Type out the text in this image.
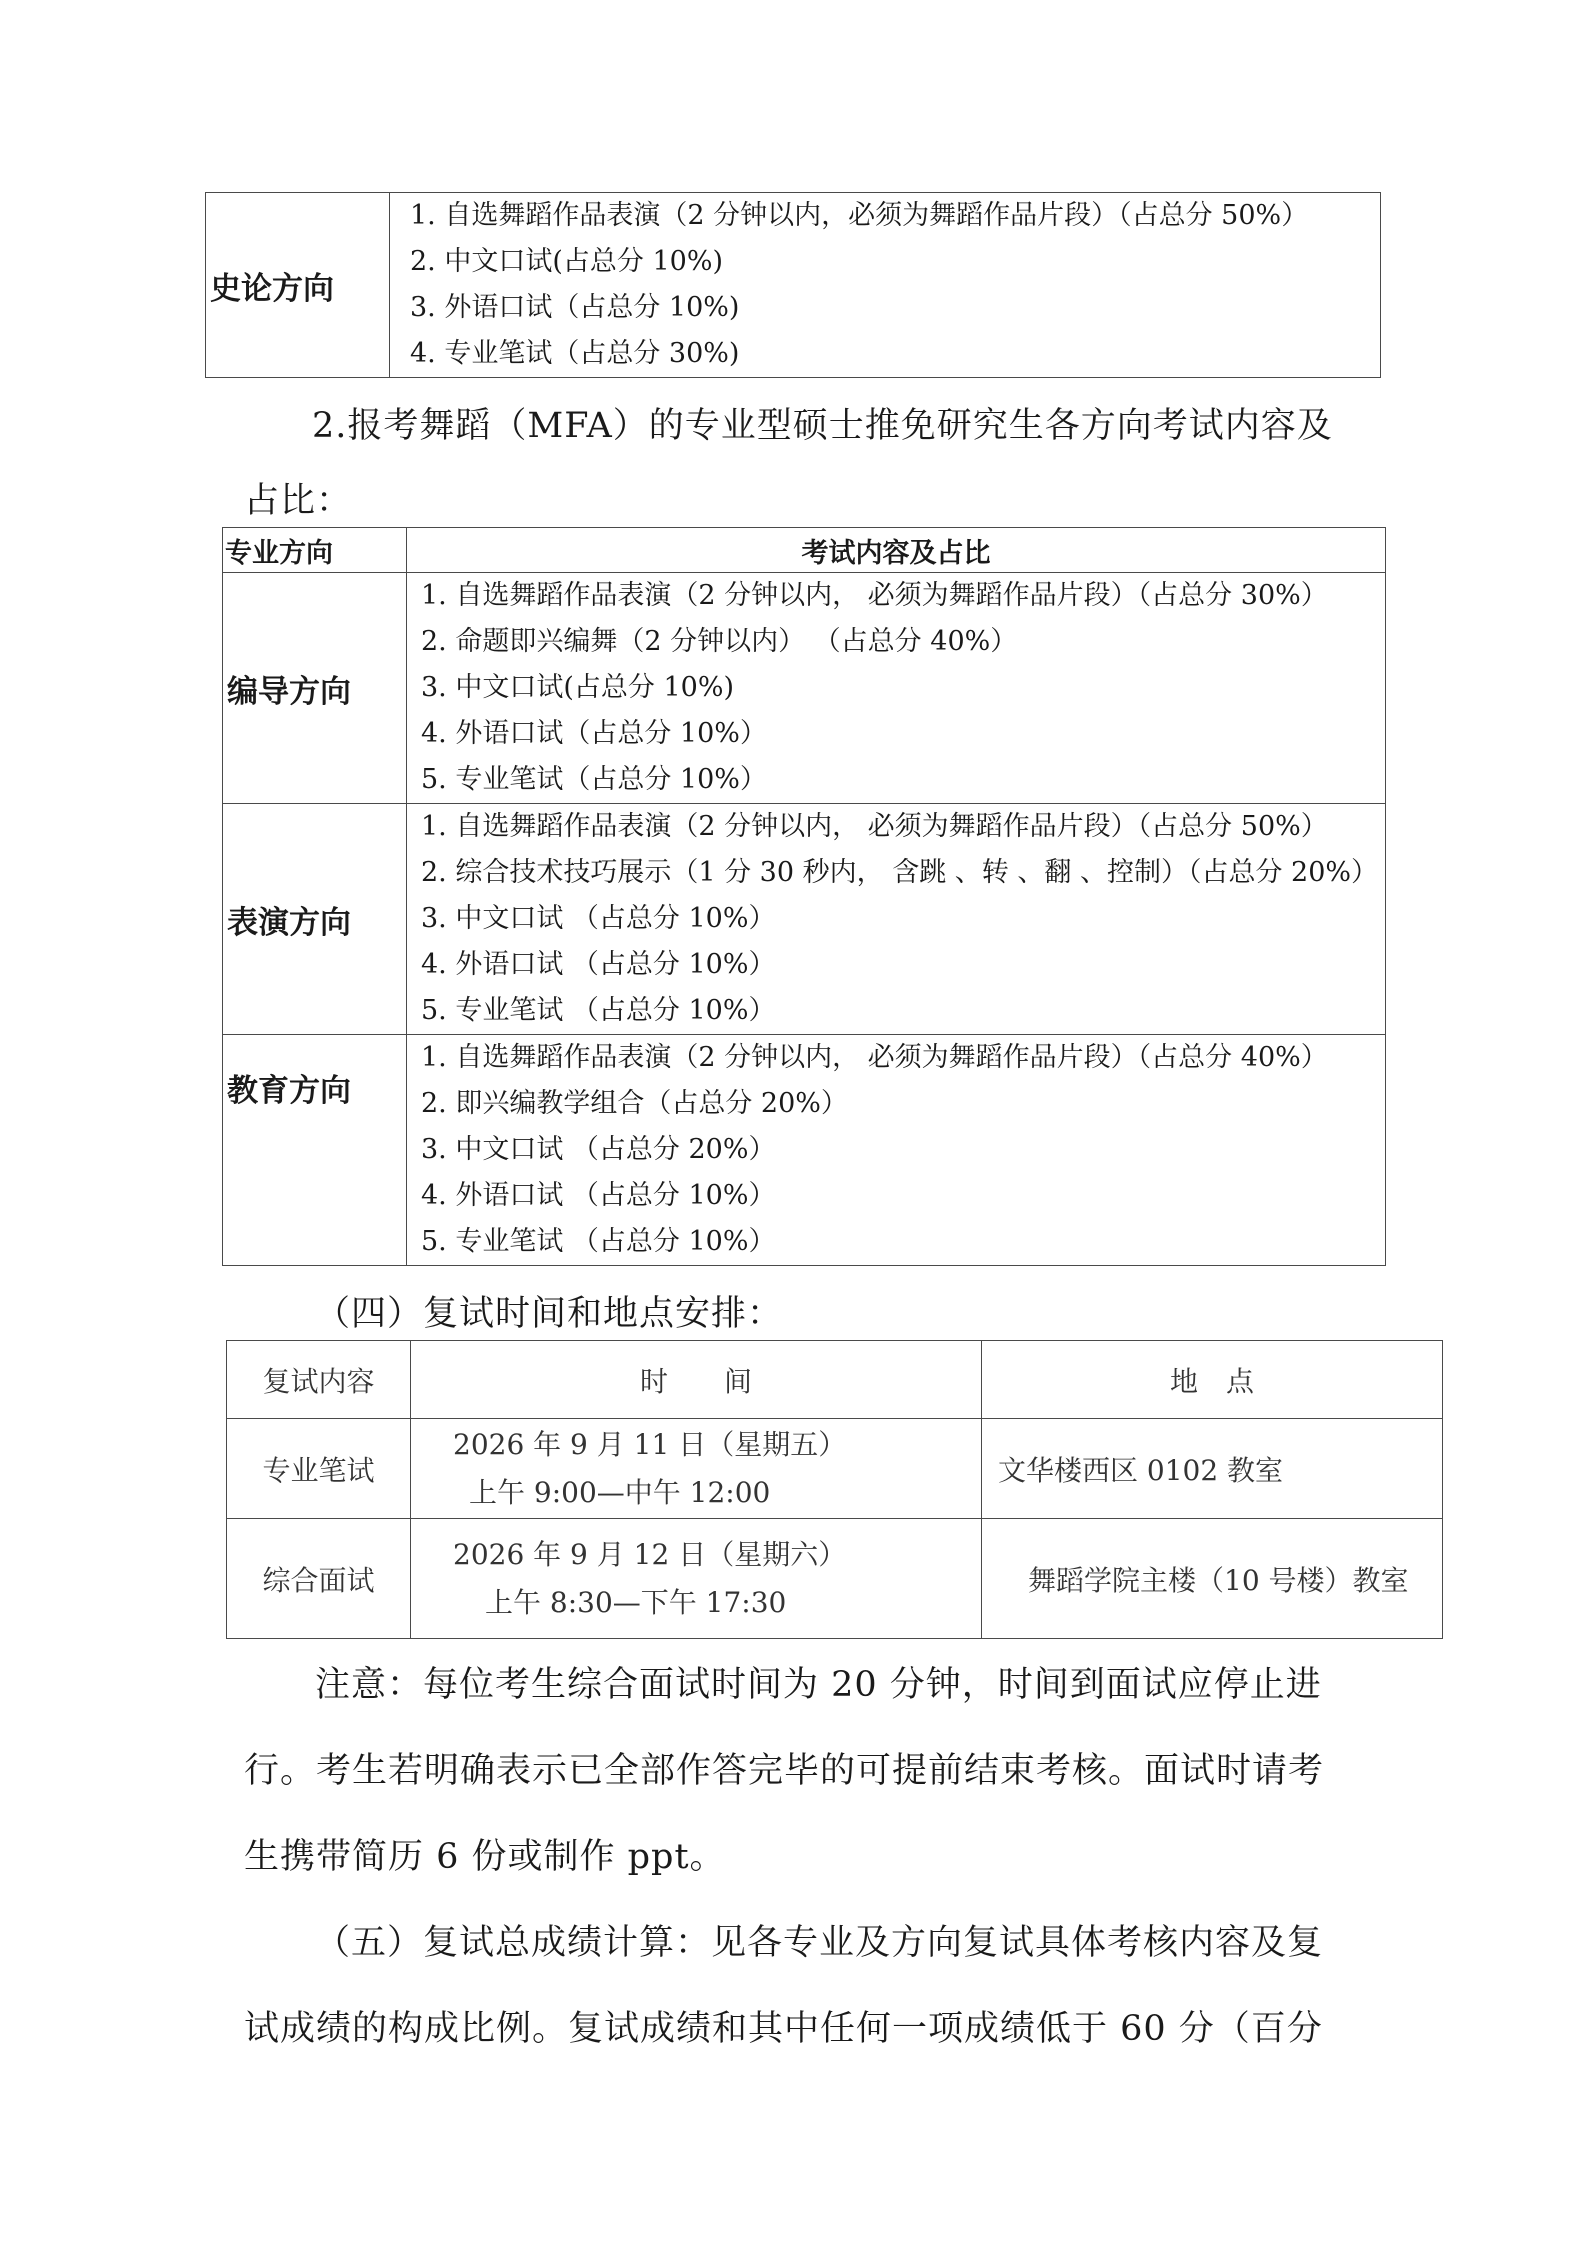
史论方向	
1. 自选舞蹈作品表演（2 分钟以内，必须为舞蹈作品片段）（占总分 50%）
2. 中文口试(占总分 10%)
3. 外语口试（占总分 10%)
4. 专业笔试（占总分 30%)
2.报考舞蹈（MFA）的专业型硕士推免研究生各方向考试内容及
占比：
专业方向	考试内容及占比
编导方向	1. 自选舞蹈作品表演（2 分钟以内， 必须为舞蹈作品片段）（占总分 30%）
2. 命题即兴编舞（2 分钟以内） （占总分 40%）
3. 中文口试(占总分 10%)
4. 外语口试（占总分 10%）
5. 专业笔试（占总分 10%）

表演方向	1. 自选舞蹈作品表演（2 分钟以内， 必须为舞蹈作品片段）（占总分 50%）
2. 综合技术技巧展示（1 分 30 秒内， 含跳 、转 、翻 、控制）（占总分 20%）
3. 中文口试 （占总分 10%）
4. 外语口试 （占总分 10%）
5. 专业笔试 （占总分 10%）

教育方向	1. 自选舞蹈作品表演（2 分钟以内， 必须为舞蹈作品片段）（占总分 40%）
2. 即兴编教学组合（占总分 20%）
3. 中文口试 （占总分 20%）
4. 外语口试 （占总分 10%）
5. 专业笔试 （占总分 10%）
（四）复试时间和地点安排：
复试内容	时　　间	地　点
专业笔试	2026 年 9 月 11 日（星期五）
上午 9:00—中午 12:00	文华楼西区 0102 教室
综合面试	2026 年 9 月 12 日（星期六）
上午 8:30—下午 17:30	舞蹈学院主楼（10 号楼）教室
注意：每位考生综合面试时间为 20 分钟，时间到面试应停止进
行。考生若明确表示已全部作答完毕的可提前结束考核。面试时请考
生携带简历 6 份或制作 ppt。
（五）复试总成绩计算：见各专业及方向复试具体考核内容及复
试成绩的构成比例。复试成绩和其中任何一项成绩低于 60 分（百分
